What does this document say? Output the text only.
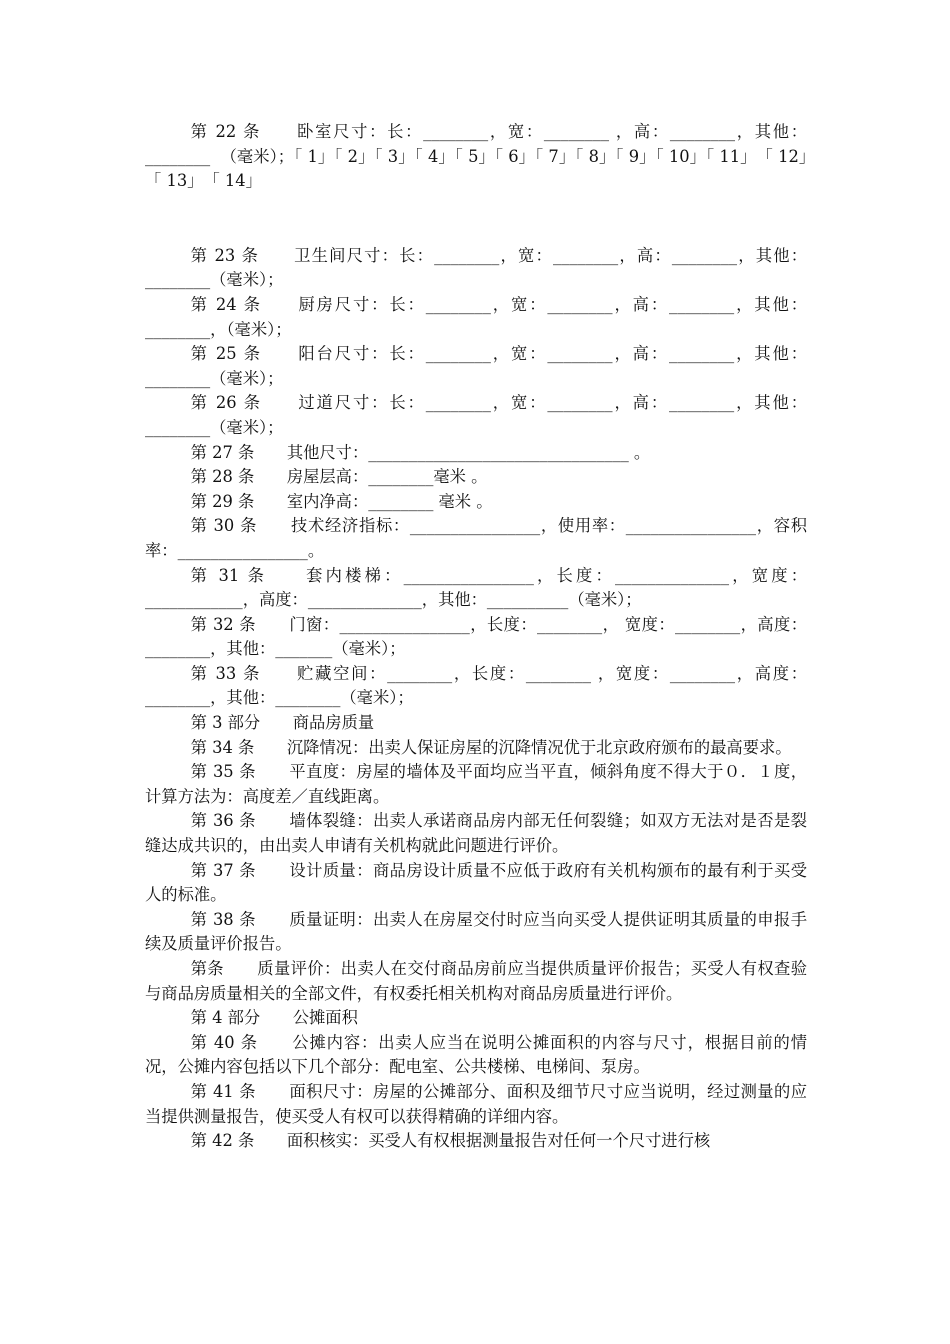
第 22 条　　卧室尺寸：长：________，宽：________ ，高：________，其他：________  （毫米）；「 1」「 2」「 3」「 4」「 5」「 6」「 7」「 8」「 9」「 10」「 11」　「 12」　「 13」　「 14」

第 23 条　　卫生间尺寸：长：________，宽：________，高：________，其他：________（毫米）；

第 24 条　　厨房尺寸：长：________，宽：________，高：________，其他：________，（毫米）；

第 25 条　　阳台尺寸：长：________，宽：________，高：________，其他：________（毫米）；

第 26 条　　过道尺寸：长：________，宽：________，高：________，其他：________（毫米）；

第 27 条　　其他尺寸：________________________________ 。

第 28 条　　房屋层高：________毫米 。

第 29 条　　室内净高：________ 毫米 。

第 30 条　　技术经济指标：________________，使用率：________________，容积率：________________。

第 31 条　　套内楼梯：________________，长度：______________，宽度：____________，高度：______________，其他：__________（毫米）；

第 32 条　　门窗：________________，长度：________， 宽度：________，高度：________，其他：_______（毫米）；

第 33 条　　贮藏空间：________，长度：________ ，宽度：________，高度：________，其他：________（毫米）；

第 3 部分　　商品房质量

第 34 条　　沉降情况：出卖人保证房屋的沉降情况优于北京政府颁布的最高要求。

第 35 条　　平直度：房屋的墙体及平面均应当平直，倾斜角度不得大于０．１度，计算方法为：高度差／直线距离。

第 36 条　　墙体裂缝：出卖人承诺商品房内部无任何裂缝；如双方无法对是否是裂缝达成共识的，由出卖人申请有关机构就此问题进行评价。

第 37 条　　设计质量：商品房设计质量不应低于政府有关机构颁布的最有利于买受人的标准。

第 38 条　　质量证明：出卖人在房屋交付时应当向买受人提供证明其质量的申报手续及质量评价报告。

第条　　质量评价：出卖人在交付商品房前应当提供质量评价报告；买受人有权查验与商品房质量相关的全部文件，有权委托相关机构对商品房质量进行评价。

第 4 部分　　公摊面积

第 40 条　　公摊内容：出卖人应当在说明公摊面积的内容与尺寸，根据目前的情况，公摊内容包括以下几个部分：配电室、公共楼梯、电梯间、泵房。

第 41 条　　面积尺寸：房屋的公摊部分、面积及细节尺寸应当说明，经过测量的应当提供测量报告，使买受人有权可以获得精确的详细内容。

第 42 条　　面积核实：买受人有权根据测量报告对任何一个尺寸进行核
